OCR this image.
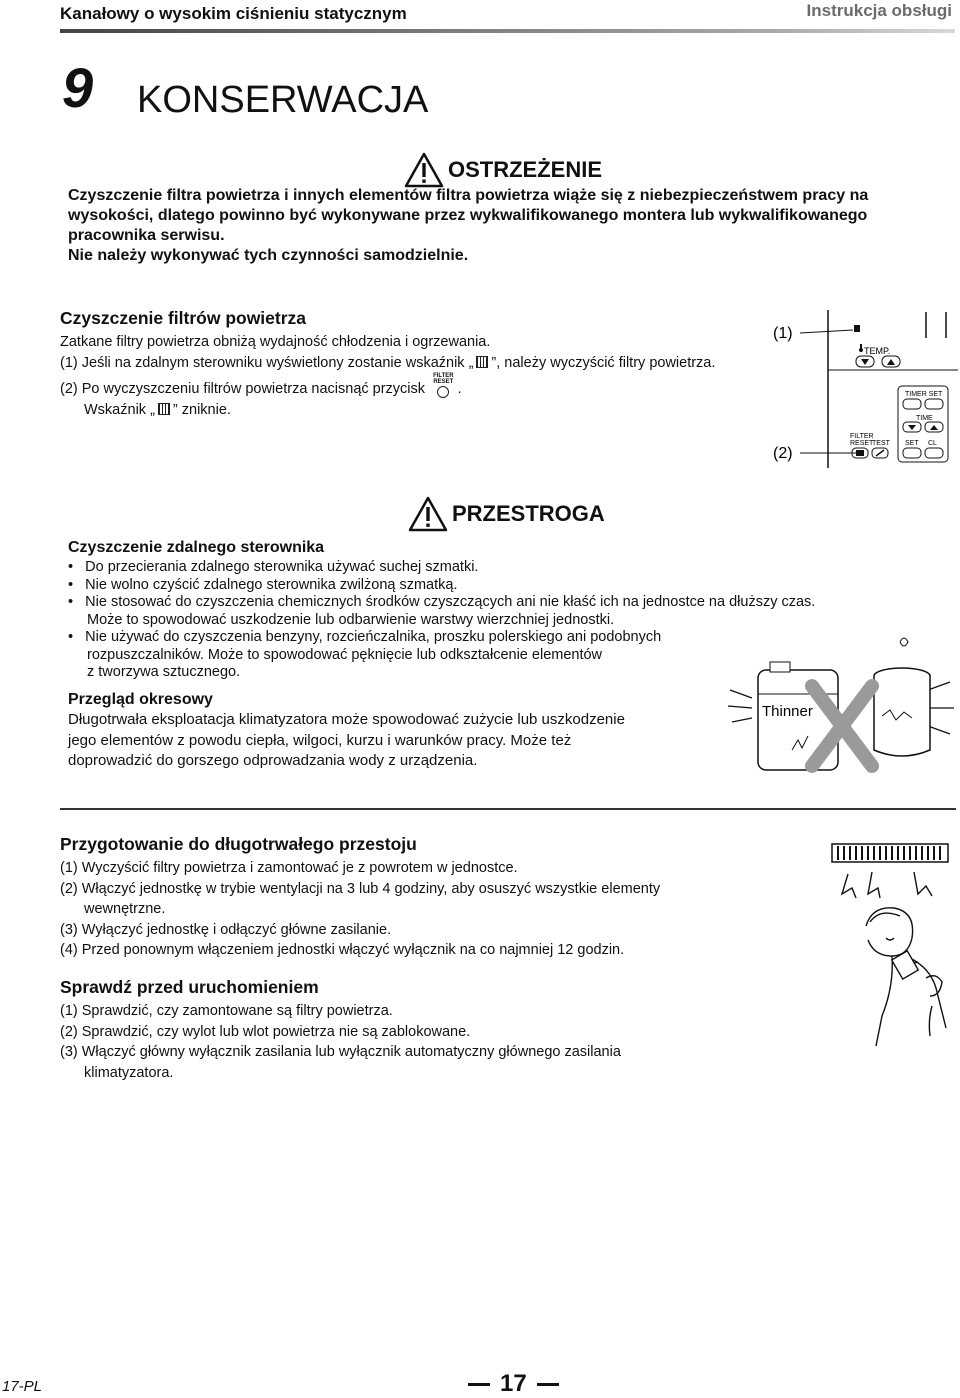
Kanałowy o wysokim ciśnieniu statycznym	Instrukcja obsługi
9 KONSERWACJA
OSTRZEŻENIE

Czyszczenie filtra powietrza i innych elementów filtra powietrza wiąże się z niebezpieczeństwem pracy na

wysokości, dlatego powinno być wykonywane przez wykwalifikowanego montera lub wykwalifikowanego

pracownika serwisu.

Nie należy wykonywać tych czynności samodzielnie.

Czyszczenie filtrów powietrza

Zatkane filtry powietrza obniżą wydajność chłodzenia i ogrzewania.

(1) Jeśli na zdalnym sterowniku wyświetlony zostanie wskaźnik „ ”, należy wyczyścić filtry powietrza.

(2) Po wyczyszczeniu filtrów powietrza nacisnąć przycisk
FILTER
RESET .

Wskaźnik „ ” zniknie.

(1)
TEMP.
TIMER SET
TIME
SET CL
FILTER
RESET
TEST
(2)
PRZESTROGA
Czyszczenie zdalnego sterownika

•   Do przecierania zdalnego sterownika używać suchej szmatki.

•   Nie wolno czyścić zdalnego sterownika zwilżoną szmatką.

•   Nie stosować do czyszczenia chemicznych środków czyszczących ani nie kłaść ich na jednostce na dłuższy czas.

Może to spowodować uszkodzenie lub odbarwienie warstwy wierzchniej jednostki.

•   Nie używać do czyszczenia benzyny, rozcieńczalnika, proszku polerskiego ani podobnych

rozpuszczalników. Może to spowodować pęknięcie lub odkształcenie elementów

z tworzywa sztucznego.

Przegląd okresowy
Długotrwała eksploatacja klimatyzatora może spowodować zużycie lub uszkodzenie
jego elementów z powodu ciepła, wilgoci, kurzu i warunków pracy. Może też
doprowadzić do gorszego odprowadzania wody z urządzenia.
Thinner
Przygotowanie do długotrwałego przestoju

(1) Wyczyścić filtry powietrza i zamontować je z powrotem w jednostce.

(2) Włączyć jednostkę w trybie wentylacji na 3 lub 4 godziny, aby osuszyć wszystkie elementy

wewnętrzne.

(3) Wyłączyć jednostkę i odłączyć główne zasilanie.

(4) Przed ponownym włączeniem jednostki włączyć wyłącznik na co najmniej 12 godzin.

Sprawdź przed uruchomieniem

(1) Sprawdzić, czy zamontowane są filtry powietrza.

(2) Sprawdzić, czy wylot lub wlot powietrza nie są zablokowane.

(3) Włączyć główny wyłącznik zasilania lub wyłącznik automatyczny głównego zasilania

klimatyzatora.

17-PL	17
